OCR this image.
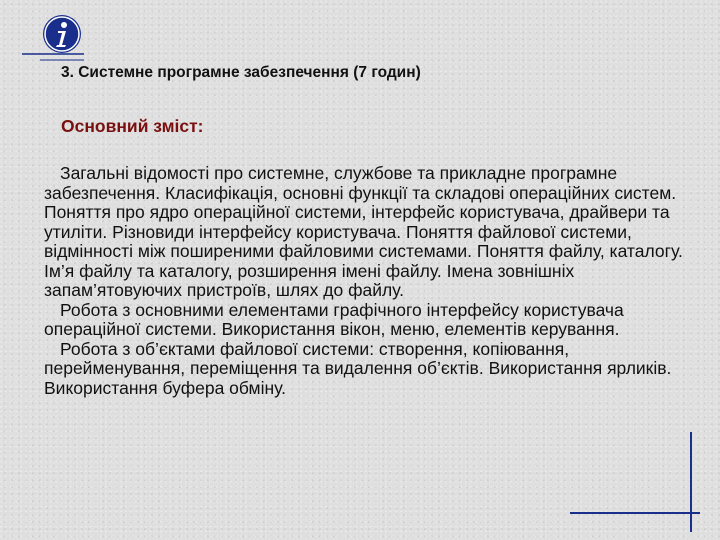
3. Системне програмне забезпечення (7 годин)
Основний зміст:

Загальні відомості про системне, службове та прикладне програмне забезпечення. Класифікація, основні функції та складові операційних систем. Поняття про ядро операційної системи, інтерфейс користувача, драйвери та утиліти. Різновиди інтерфейсу користувача. Поняття файлової системи, відмінності між поширеними файловими системами. Поняття файлу, каталогу. Ім’я файлу та каталогу, розширення імені файлу. Імена зовнішніх запам’ятовуючих пристроїв, шлях до файлу.

Робота з основними елементами графічного інтерфейсу користувача операційної системи. Використання вікон, меню, елементів керування.

Робота з об’єктами файлової системи: створення, копіювання, перейменування, переміщення та видалення об’єктів. Використання ярликів. Використання буфера обміну.
